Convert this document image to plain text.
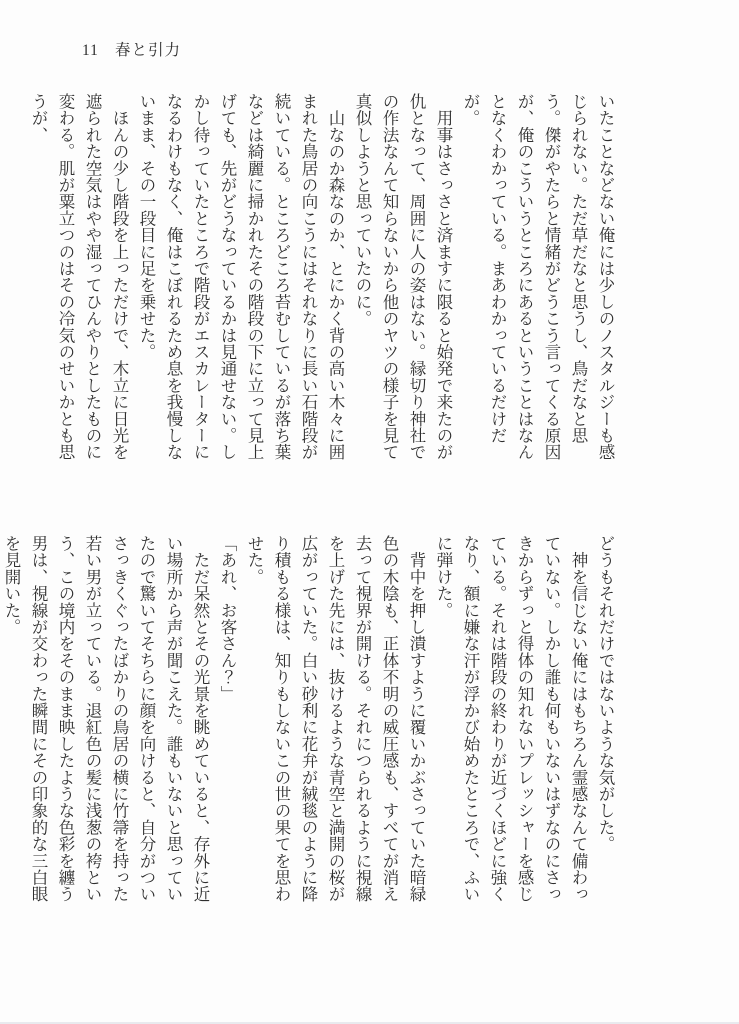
11 春と引力

いたことなどない俺には少しのノスタルジーも感じられない。ただ草だなと思うし、鳥だなと思う。傑がやたらと情緒がどうこう言ってくる原因が、俺のこういうところにあるということはなんとなくわかっている。まあわかっているだけだが。

　用事はさっさと済ますに限ると始発で来たのが仇となって、周囲に人の姿はない。縁切り神社での作法なんて知らないから他のヤツの様子を見て真似しようと思っていたのに。

　山なのか森なのか、とにかく背の高い木々に囲まれた鳥居の向こうにはそれなりに長い石階段が続いている。ところどころ苔むしているが落ち葉などは綺麗に掃かれたその階段の下に立って見上げても、先がどうなっているかは見通せない。しかし待っていたところで階段がエスカレーターになるわけもなく、俺はこぼれるため息を我慢しないまま、その一段目に足を乗せた。

　ほんの少し階段を上っただけで、木立に日光を遮られた空気はやや湿ってひんやりとしたものに変わる。肌が粟立つのはその冷気のせいかとも思うが、

どうもそれだけではないような気がした。

　神を信じない俺にはもちろん霊感なんて備わっていない。しかし誰も何もいないはずなのにさっきからずっと得体の知れないプレッシャーを感じている。それは階段の終わりが近づくほどに強くなり、額に嫌な汗が浮かび始めたところで、ふいに弾けた。

　背中を押し潰すように覆いかぶさっていた暗緑色の木陰も、正体不明の威圧感も、すべてが消え去って視界が開ける。それにつられるように視線を上げた先には、抜けるような青空と満開の桜が広がっていた。白い砂利に花弁が絨毯のように降り積もる様は、知りもしないこの世の果てを思わせた。

「あれ、お客さん？」

　ただ呆然とその光景を眺めていると、存外に近い場所から声が聞こえた。誰もいないと思っていたので驚いてそちらに顔を向けると、自分がついさっきくぐったばかりの鳥居の横に竹箒を持った若い男が立っている。退紅色の髪に浅葱の袴という、この境内をそのまま映したような色彩を纏う男は、視線が交わった瞬間にその印象的な三白眼を見開いた。
